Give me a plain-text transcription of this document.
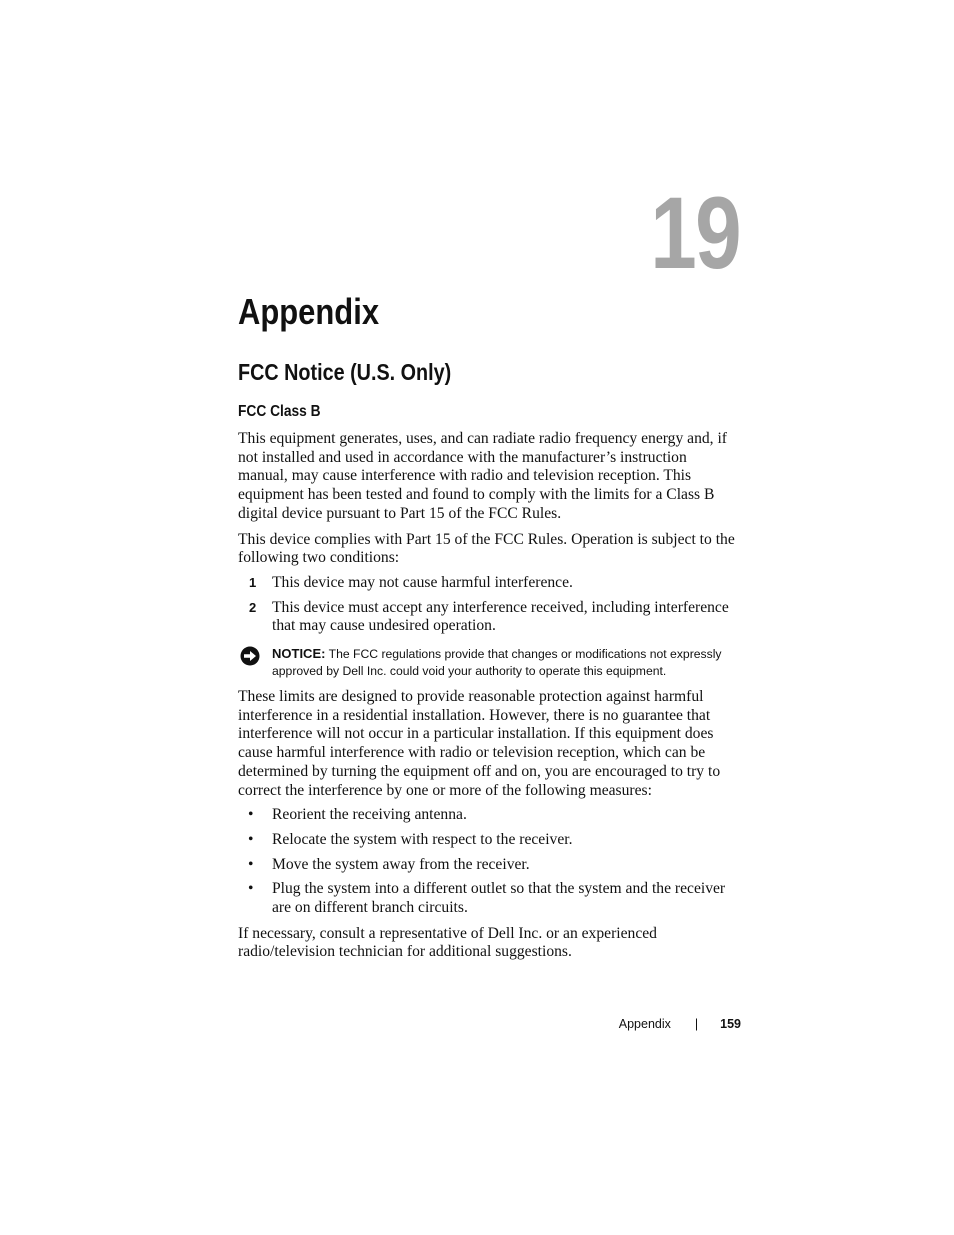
19
Appendix
FCC Notice (U.S. Only)
FCC Class B

This equipment generates, uses, and can radiate radio frequency energy and, if not installed and used in accordance with the manufacturer’s instruction manual, may cause interference with radio and television reception. This equipment has been tested and found to comply with the limits for a Class B digital device pursuant to Part 15 of the FCC Rules.

This device complies with Part 15 of the FCC Rules. Operation is subject to the following two conditions:

1 This device may not cause harmful interference.
2 This device must accept any interference received, including interference that may cause undesired operation.
NOTICE: The FCC regulations provide that changes or modifications not expressly approved by Dell Inc. could void your authority to operate this equipment.

These limits are designed to provide reasonable protection against harmful interference in a residential installation. However, there is no guarantee that interference will not occur in a particular installation. If this equipment does cause harmful interference with radio or television reception, which can be determined by turning the equipment off and on, you are encouraged to try to correct the interference by one or more of the following measures:

• Reorient the receiving antenna.
• Relocate the system with respect to the receiver.
• Move the system away from the receiver.
• Plug the system into a different outlet so that the system and the receiver are on different branch circuits.

If necessary, consult a representative of Dell Inc. or an experienced radio/television technician for additional suggestions.

Appendix | 159
